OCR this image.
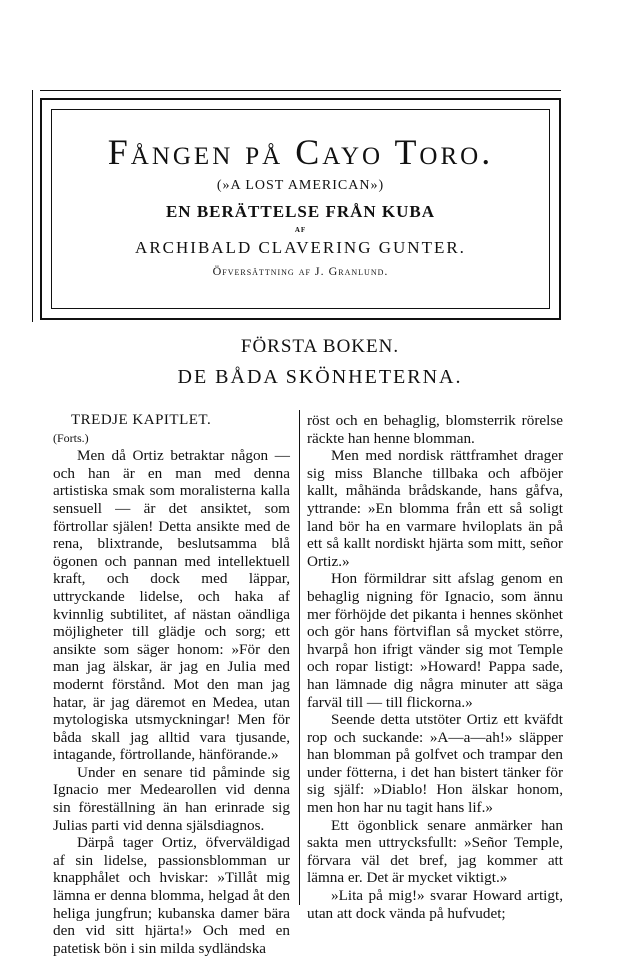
Fången på Cayo Toro.
(»A LOST AMERICAN»)
EN BERÄTTELSE FRÅN KUBA
AF
ARCHIBALD CLAVERING GUNTER.
Öfversättning af J. Granlund.
FÖRSTA BOKEN.
DE BÅDA SKÖNHETERNA.

TREDJE KAPITLET.

(Forts.)

Men då Ortiz betraktar någon — och han är en man med denna artistiska smak som moralisterna kalla sensuell — är det ansiktet, som förtrollar själen! Detta ansikte med de rena, blixtrande, beslutsamma blå ögonen och pannan med intellektuell kraft, och dock med läppar, uttryckande lidelse, och haka af kvinnlig subtilitet, af nästan oändliga möjligheter till glädje och sorg; ett ansikte som säger honom: »För den man jag älskar, är jag en Julia med modernt förstånd. Mot den man jag hatar, är jag däremot en Medea, utan mytologiska utsmyckningar! Men för båda skall jag alltid vara tjusande, intagande, förtrollande, hänförande.»

Under en senare tid påminde sig Ignacio mer Medearollen vid denna sin föreställning än han erinrade sig Julias parti vid denna själsdiagnos.

Därpå tager Ortiz, öfverväldigad af sin lidelse, passionsblomman ur knapphålet och hviskar: »Tillåt mig lämna er denna blomma, helgad åt den heliga jungfrun; kubanska damer bära den vid sitt hjärta!» Och med en patetisk bön i sin milda sydländska

röst och en behaglig, blomsterrik rörelse räckte han henne blomman.

Men med nordisk rättframhet drager sig miss Blanche tillbaka och afböjer kallt, måhända brådskande, hans gåfva, yttrande: »En blomma från ett så soligt land bör ha en varmare hviloplats än på ett så kallt nordiskt hjärta som mitt, señor Ortiz.»

Hon förmildrar sitt afslag genom en behaglig nigning för Ignacio, som ännu mer förhöjde det pikanta i hennes skönhet och gör hans förtviflan så mycket större, hvarpå hon ifrigt vänder sig mot Temple och ropar listigt: »Howard! Pappa sade, han lämnade dig några minuter att säga farväl till — till flickorna.»

Seende detta utstöter Ortiz ett kväfdt rop och suckande: »A—a—ah!» släpper han blomman på golfvet och trampar den under fötterna, i det han bistert tänker för sig själf: »Diablo! Hon älskar honom, men hon har nu tagit hans lif.»

Ett ögonblick senare anmärker han sakta men uttrycksfullt: »Señor Temple, förvara väl det bref, jag kommer att lämna er. Det är mycket viktigt.»

»Lita på mig!» svarar Howard artigt, utan att dock vända på hufvudet;
